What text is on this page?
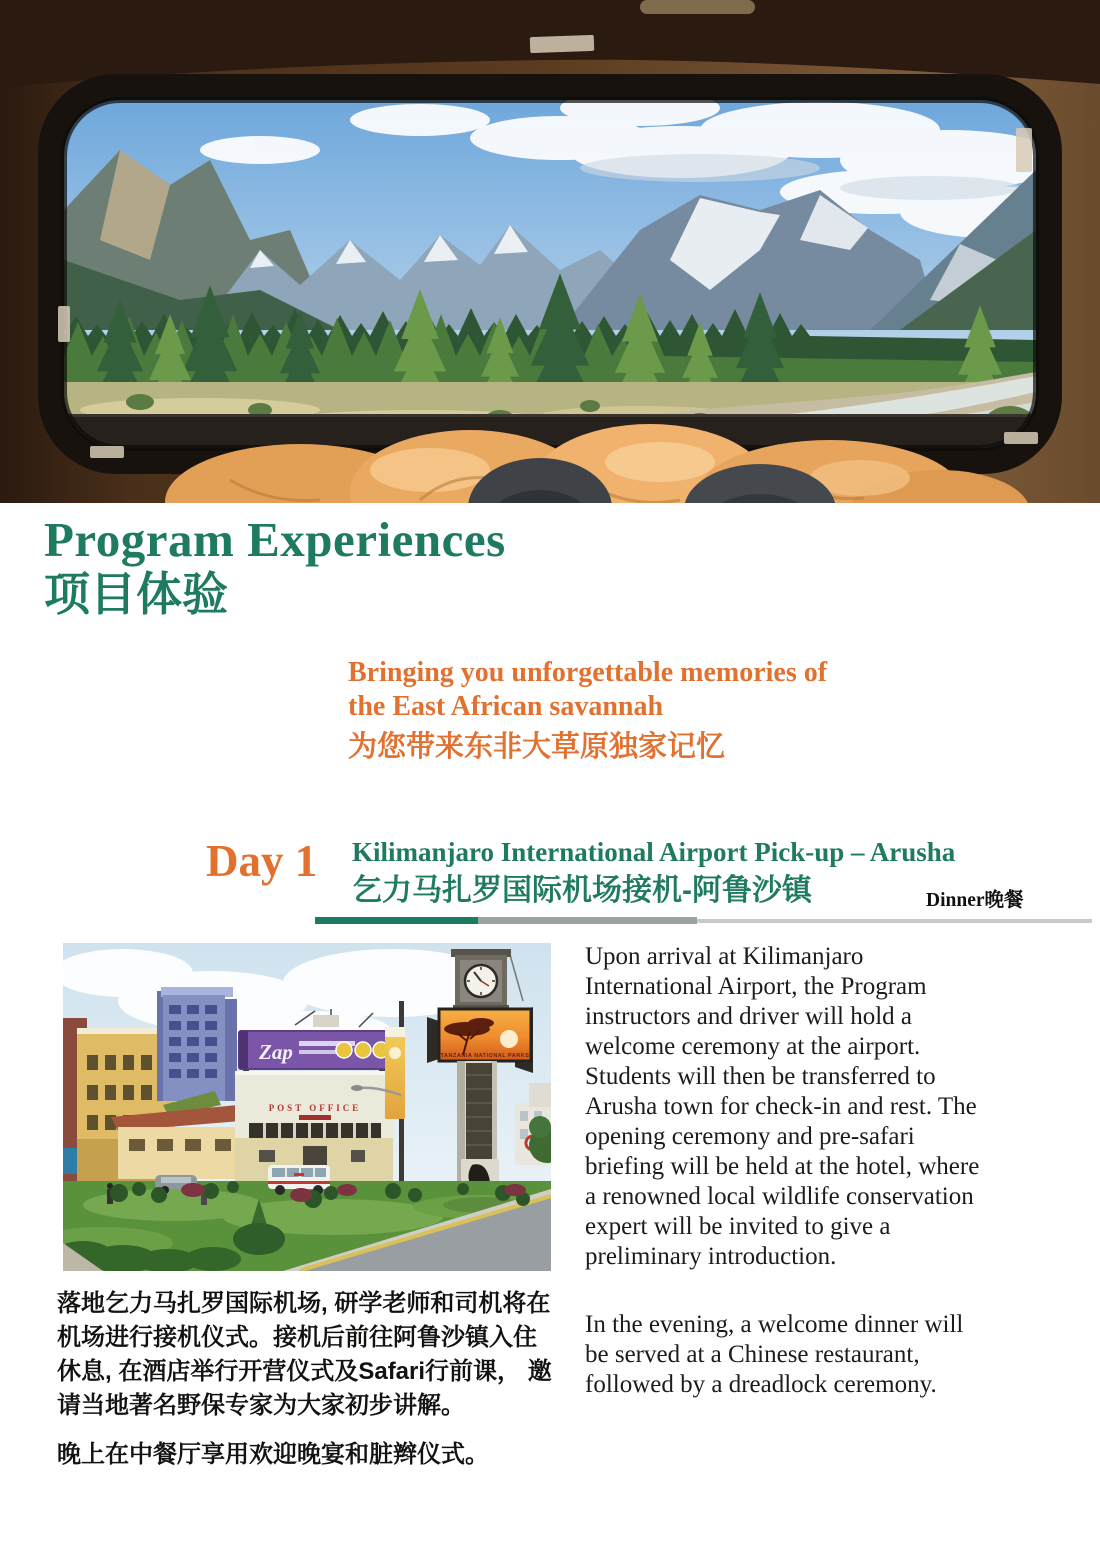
Program Experiences
项目体验
Bringing you unforgettable memories of
the East African savannah
为您带来东非大草原独家记忆
Day 1 Kilimanjaro International Airport Pick-up – Arusha
乞力马扎罗国际机场接机-阿鲁沙镇	Dinner晚餐
Zap
POST OFFICE
TANZANIA NATIONAL PARKS
Upon arrival at Kilimanjaro
International Airport, the Program
instructors and driver will hold a
welcome ceremony at the airport.
Students will then be transferred to
Arusha town for check-in and rest. The
opening ceremony and pre-safari
briefing will be held at the hotel, where
a renowned local wildlife conservation
expert will be invited to give a
preliminary introduction.
In the evening, a welcome dinner will
be served at a Chinese restaurant,
followed by a dreadlock ceremony.
落地乞力马扎罗国际机场, 研学老师和司机将在
机场进行接机仪式。接机后前往阿鲁沙镇入住
休息, 在酒店举行开营仪式及Safari行前课， 邀
请当地著名野保专家为大家初步讲解。
晚上在中餐厅享用欢迎晚宴和脏辫仪式。
